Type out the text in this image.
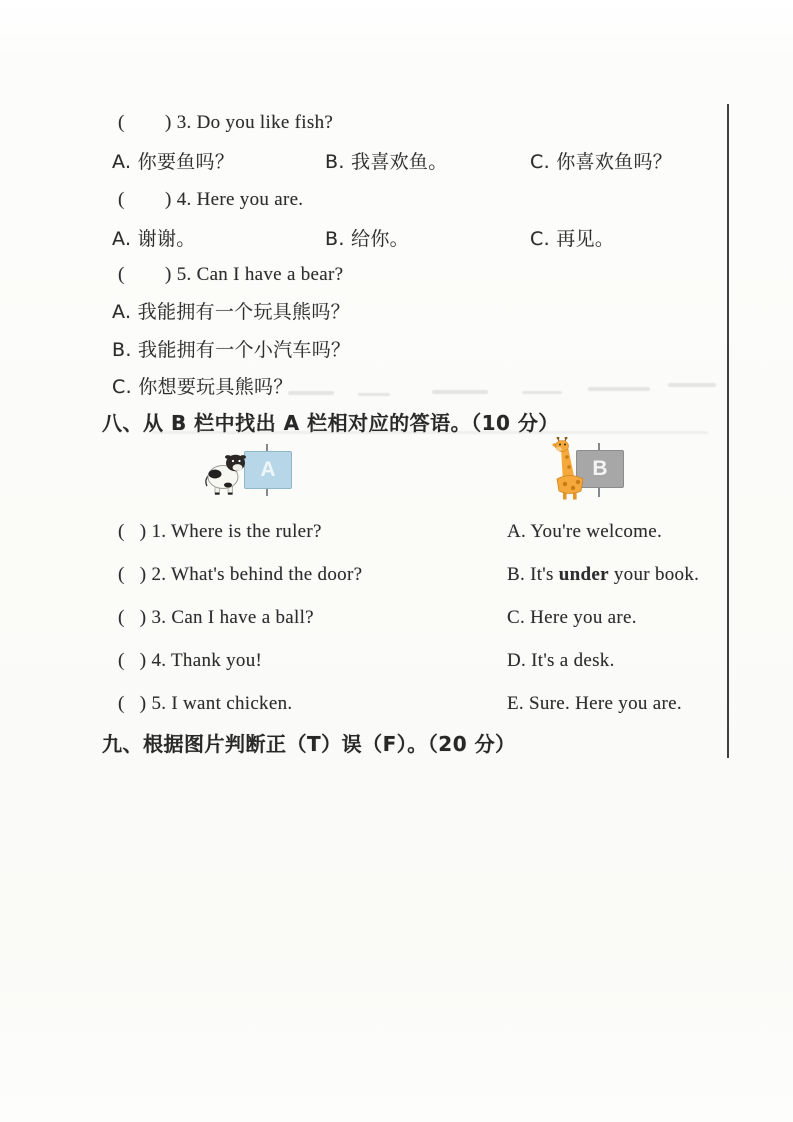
(        ) 3. Do you like fish?
A. 你要鱼吗？	B. 我喜欢鱼。	C. 你喜欢鱼吗？
(        ) 4. Here you are.
A. 谢谢。	B. 给你。	C. 再见。
(        ) 5. Can I have a bear?
A. 我能拥有一个玩具熊吗？
B. 我能拥有一个小汽车吗？
C. 你想要玩具熊吗？
八、从 B 栏中找出 A 栏相对应的答语。（10 分）
A	B
(   ) 1. Where is the ruler?	A. You're welcome.
(   ) 2. What's behind the door?	B. It's under your book.
(   ) 3. Can I have a ball?	C. Here you are.
(   ) 4. Thank you!	D. It's a desk.
(   ) 5. I want chicken.	E. Sure. Here you are.
九、根据图片判断正（T）误（F）。（20 分）
